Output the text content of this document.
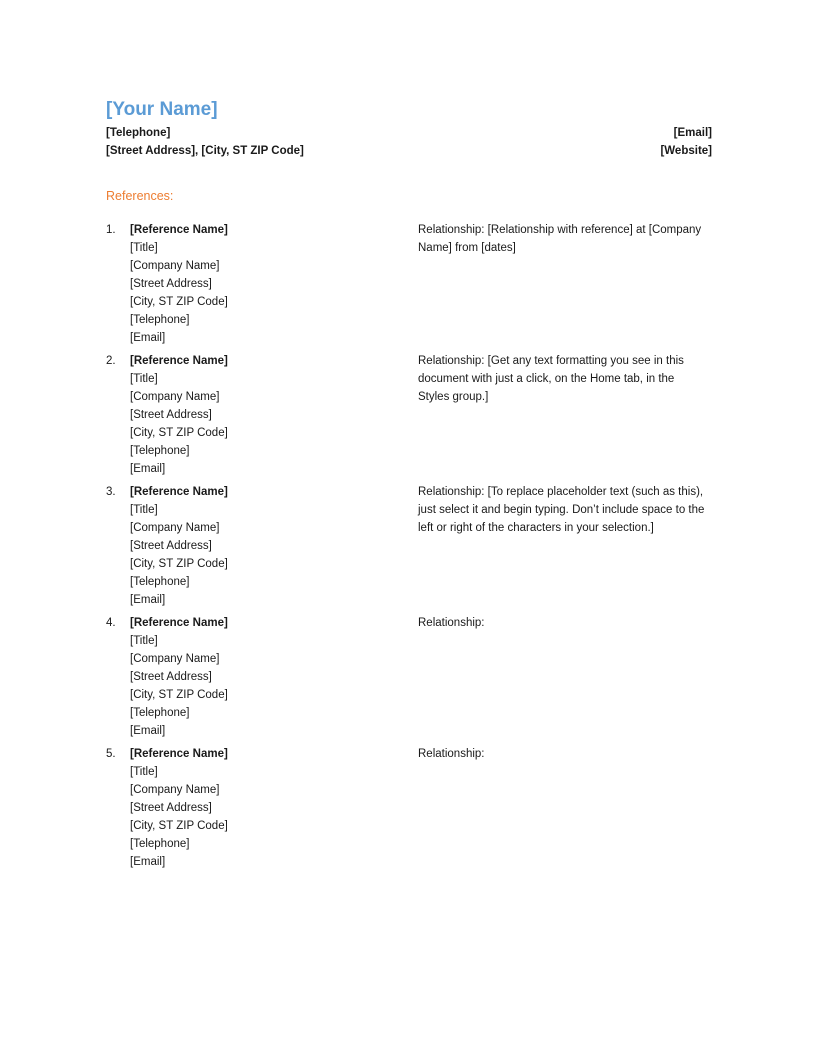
[Your Name]
[Telephone]	[Email]
[Street Address], [City, ST ZIP Code]	[Website]
References:
1. [Reference Name]
[Title]
[Company Name]
[Street Address]
[City, ST ZIP Code]
[Telephone]
[Email]
Relationship: [Relationship with reference] at [Company Name] from [dates]
2. [Reference Name]
[Title]
[Company Name]
[Street Address]
[City, ST ZIP Code]
[Telephone]
[Email]
Relationship: [Get any text formatting you see in this document with just a click, on the Home tab, in the Styles group.]
3. [Reference Name]
[Title]
[Company Name]
[Street Address]
[City, ST ZIP Code]
[Telephone]
[Email]
Relationship: [To replace placeholder text (such as this), just select it and begin typing. Don’t include space to the left or right of the characters in your selection.]
4. [Reference Name]
[Title]
[Company Name]
[Street Address]
[City, ST ZIP Code]
[Telephone]
[Email]
Relationship:
5. [Reference Name]
[Title]
[Company Name]
[Street Address]
[City, ST ZIP Code]
[Telephone]
[Email]
Relationship:
